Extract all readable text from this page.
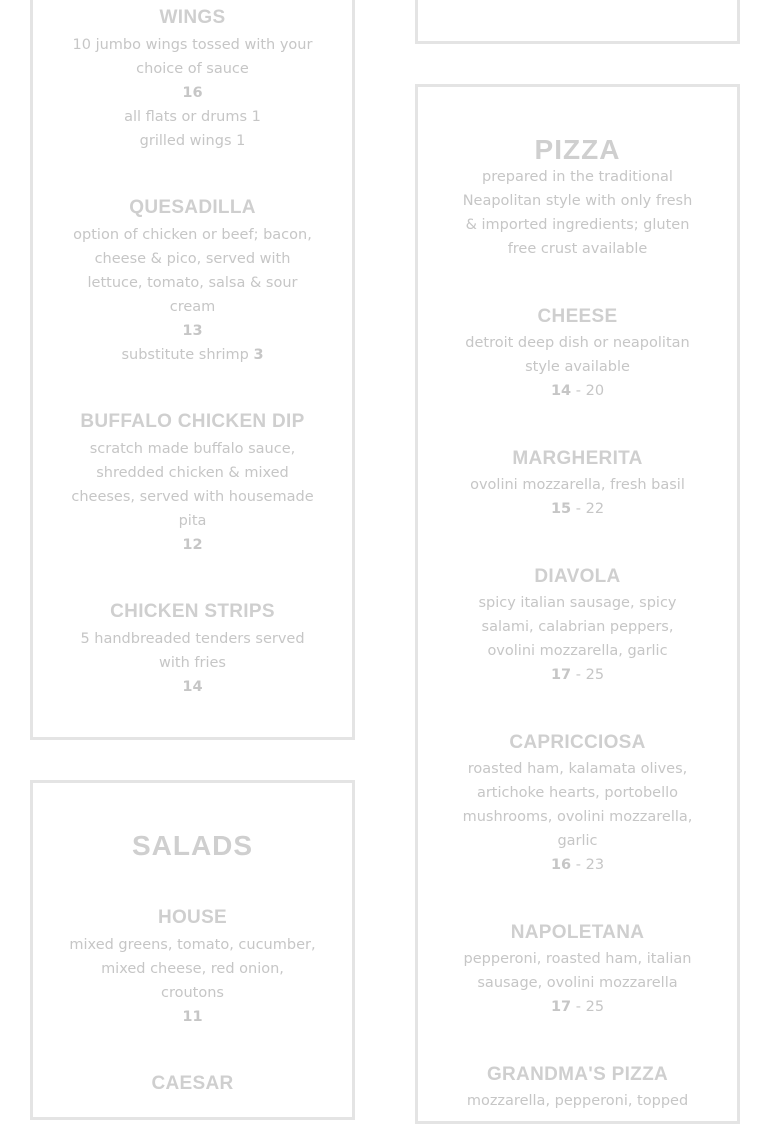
WINGS
10 jumbo wings tossed with your
choice of sauce
16
all flats or drums 1
grilled wings 1
QUESADILLA
option of chicken or beef; bacon,
cheese & pico, served with
lettuce, tomato, salsa & sour
cream
13
substitute shrimp 3
BUFFALO CHICKEN DIP
scratch made buffalo sauce,
shredded chicken & mixed
cheeses, served with housemade
pita
12
CHICKEN STRIPS
5 handbreaded tenders served
with fries
14
SALADS
HOUSE
mixed greens, tomato, cucumber,
mixed cheese, red onion,
croutons
11
CAESAR
PIZZA
prepared in the traditional
Neapolitan style with only fresh
& imported ingredients; gluten
free crust available
CHEESE
detroit deep dish or neapolitan
style available
14 - 20
MARGHERITA
ovolini mozzarella, fresh basil
15 - 22
DIAVOLA
spicy italian sausage, spicy
salami, calabrian peppers,
ovolini mozzarella, garlic
17 - 25
CAPRICCIOSA
roasted ham, kalamata olives,
artichoke hearts, portobello
mushrooms, ovolini mozzarella,
garlic
16 - 23
NAPOLETANA
pepperoni, roasted ham, italian
sausage, ovolini mozzarella
17 - 25
GRANDMA'S PIZZA
mozzarella, pepperoni, topped
